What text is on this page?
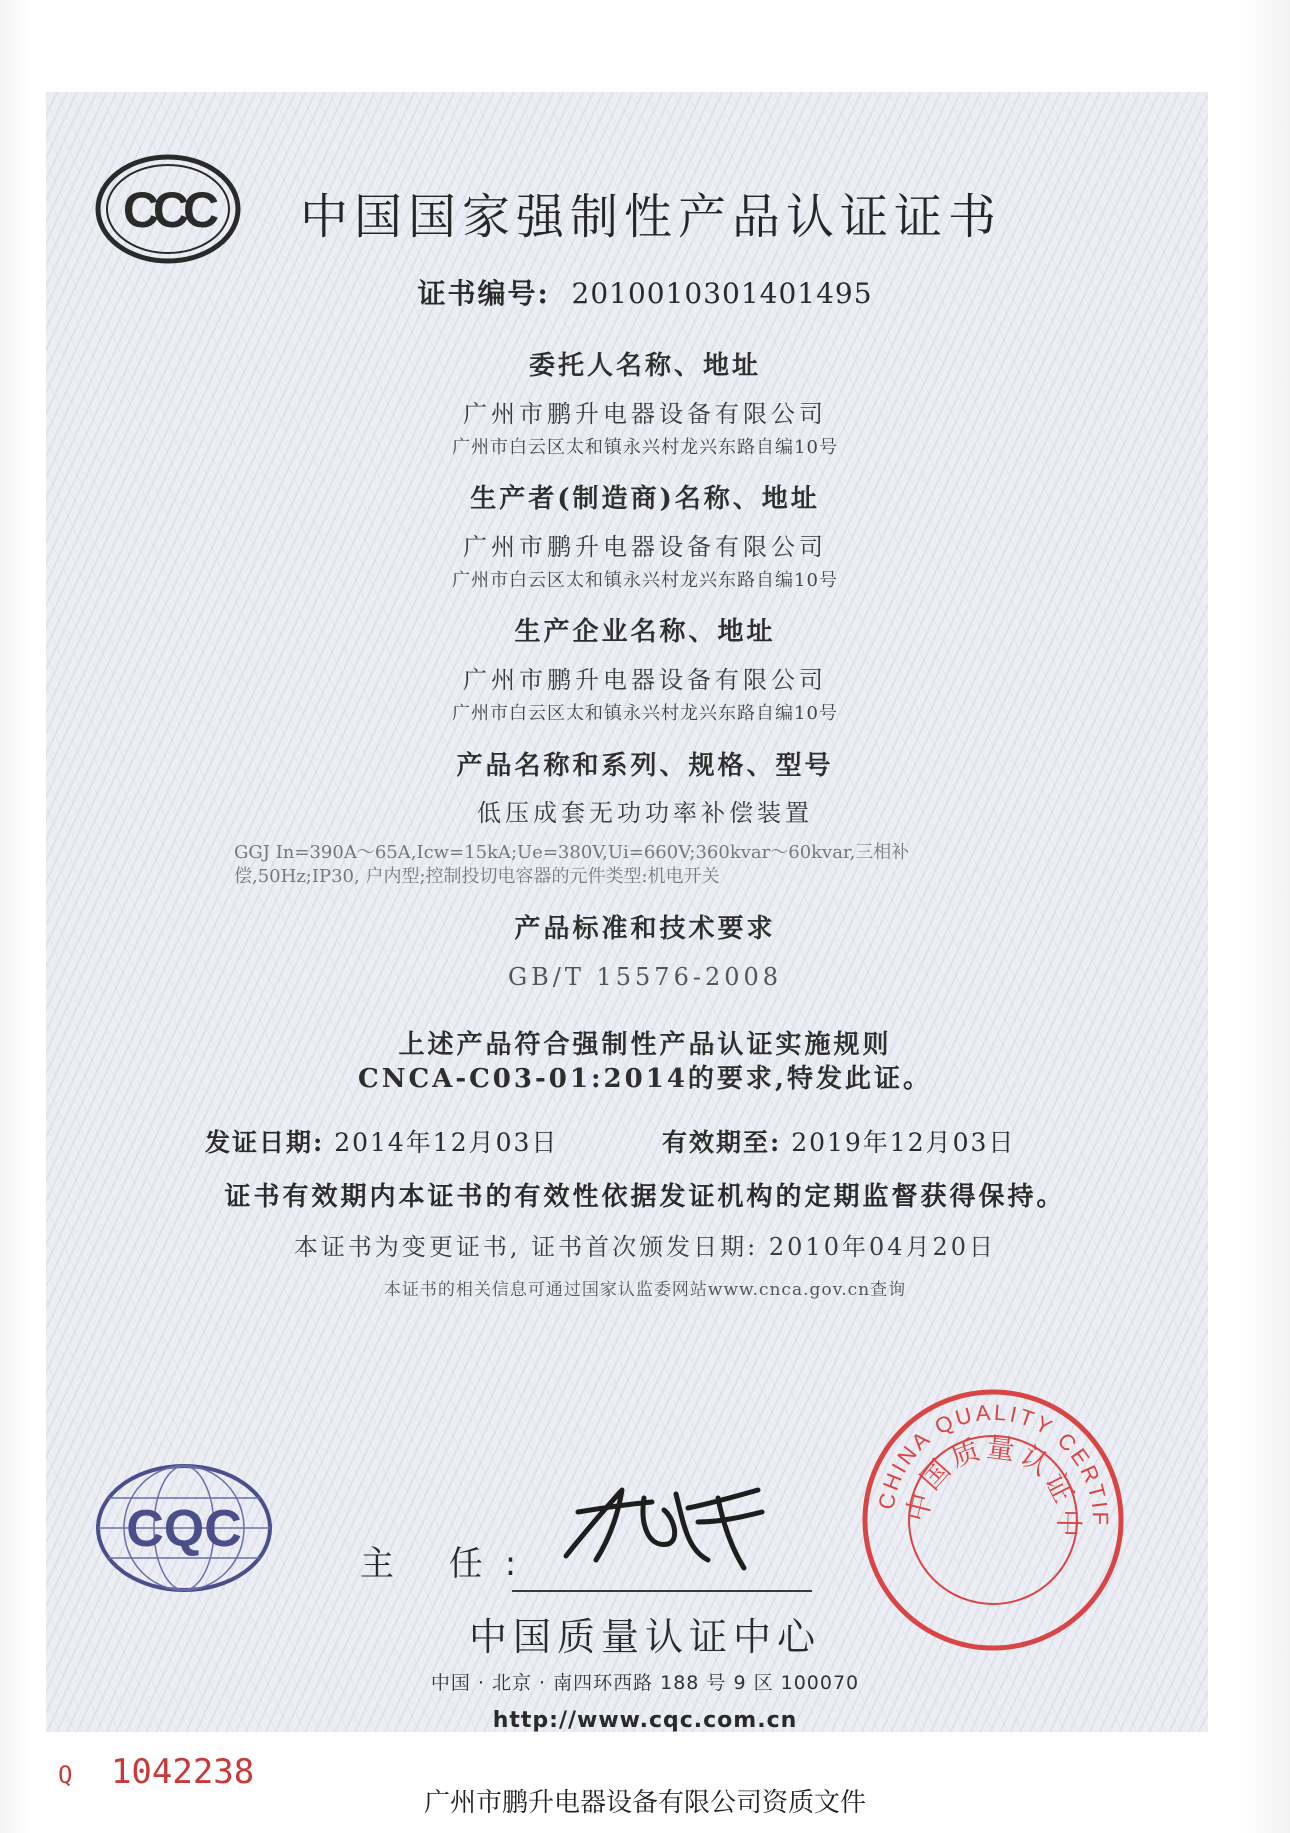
CCC 中国国家强制性产品认证证书
证书编号: 2010010301401495
委托人名称、地址
广州市鹏升电器设备有限公司
广州市白云区太和镇永兴村龙兴东路自编10号
生产者(制造商)名称、地址
广州市鹏升电器设备有限公司
广州市白云区太和镇永兴村龙兴东路自编10号
生产企业名称、地址
广州市鹏升电器设备有限公司
广州市白云区太和镇永兴村龙兴东路自编10号
产品名称和系列、规格、型号
低压成套无功功率补偿装置
GGJ In=390A～65A,Icw=15kA;Ue=380V,Ui=660V;360kvar～60kvar,三相补
偿,50Hz;IP30, 户内型;控制投切电容器的元件类型:机电开关
产品标准和技术要求
GB/T 15576-2008
上述产品符合强制性产品认证实施规则
CNCA-C03-01:2014的要求,特发此证。
发证日期: 2014年12月03日	有效期至: 2019年12月03日
证书有效期内本证书的有效性依据发证机构的定期监督获得保持。
本证书为变更证书, 证书首次颁发日期: 2010年04月20日
本证书的相关信息可通过国家认监委网站www.cnca.gov.cn查询
CQC
主 任:
CHINA QUALITY CERTIF
中国质量认证中
中国质量认证中心
中国 · 北京 · 南四环西路 188 号 9 区 100070
http://www.cqc.com.cn
Q 1042238
广州市鹏升电器设备有限公司资质文件
